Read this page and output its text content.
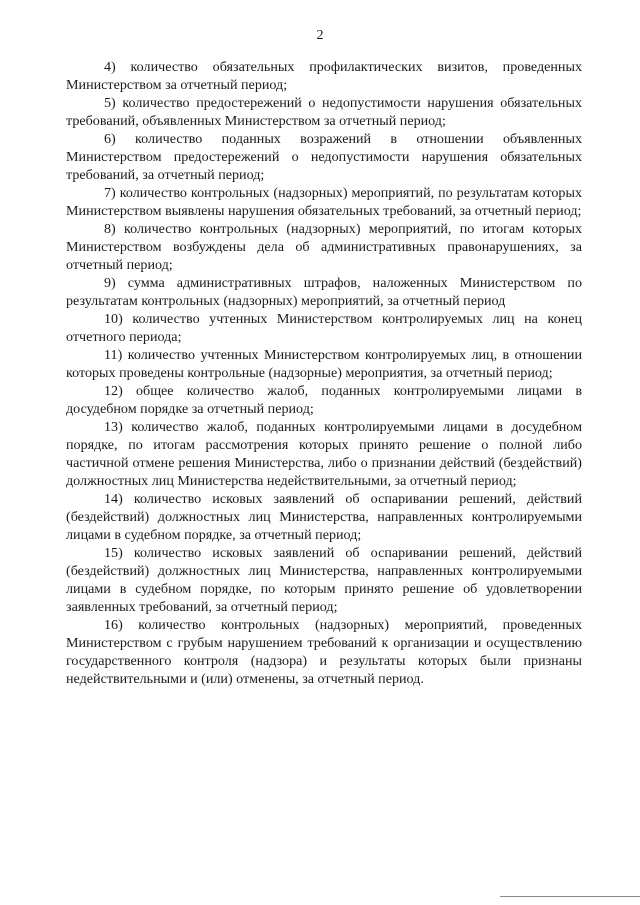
2

4) количество обязательных профилактических визитов, проведенных Министерством за отчетный период;

5) количество предостережений о недопустимости нарушения обязательных требований, объявленных Министерством за отчетный период;

6) количество поданных возражений в отношении объявленных Министерством предостережений о недопустимости нарушения обязательных требований, за отчетный период;

7) количество контрольных (надзорных) мероприятий, по результатам которых Министерством выявлены нарушения обязательных требований, за отчетный период;

8) количество контрольных (надзорных) мероприятий, по итогам которых Министерством возбуждены дела об административных правонарушениях, за отчетный период;

9) сумма административных штрафов, наложенных Министерством по результатам контрольных (надзорных) мероприятий, за отчетный период

10) количество учтенных Министерством контролируемых лиц на конец отчетного периода;

11) количество учтенных Министерством контролируемых лиц, в отношении которых проведены контрольные (надзорные) мероприятия, за отчетный период;

12) общее количество жалоб, поданных контролируемыми лицами в досудебном порядке за отчетный период;

13) количество жалоб, поданных контролируемыми лицами в досудебном порядке, по итогам рассмотрения которых принято решение о полной либо частичной отмене решения Министерства, либо о признании действий (бездействий) должностных лиц Министерства недействительными, за отчетный период;

14) количество исковых заявлений об оспаривании решений, действий (бездействий) должностных лиц Министерства, направленных контролируемыми лицами в судебном порядке, за отчетный период;

15) количество исковых заявлений об оспаривании решений, действий (бездействий) должностных лиц Министерства, направленных контролируемыми лицами в судебном порядке, по которым принято решение об удовлетворении заявленных требований, за отчетный период;

16) количество контрольных (надзорных) мероприятий, проведенных Министерством с грубым нарушением требований к организации и осуществлению государственного контроля (надзора) и результаты которых были признаны недействительными и (или) отменены, за отчетный период.
